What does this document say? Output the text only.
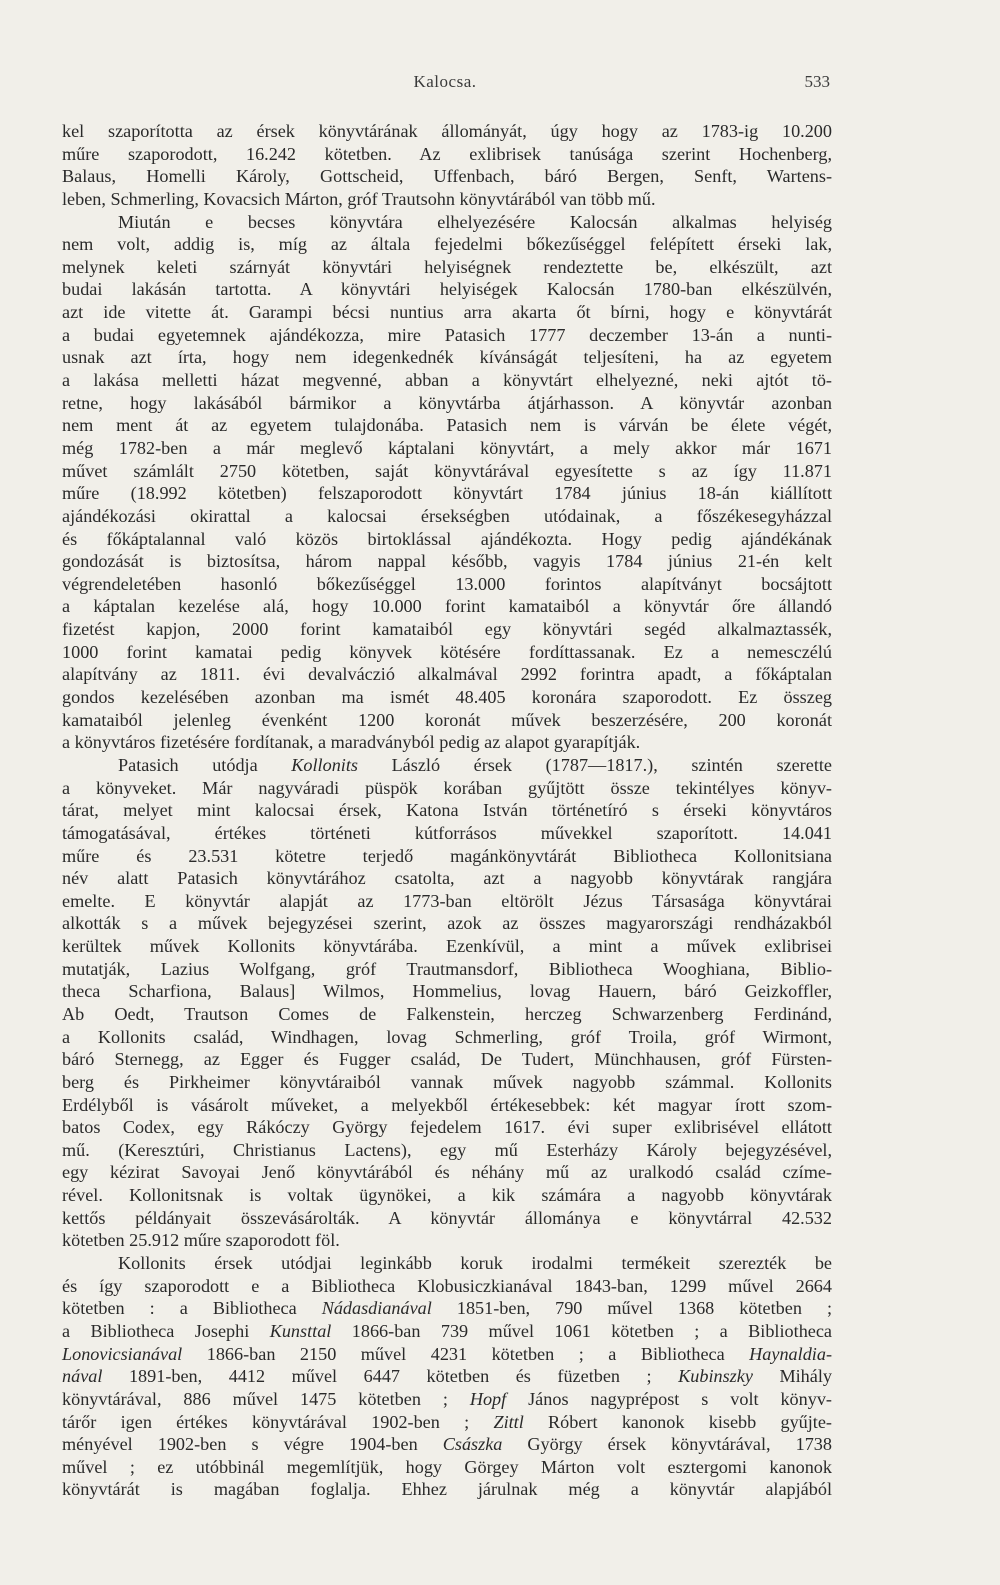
Kalocsa.	533
kel szaporította az érsek könyvtárának állományát, úgy hogy az 1783-ig 10.200
műre szaporodott, 16.242 kötetben. Az exlibrisek tanúsága szerint Hochenberg,
Balaus, Homelli Károly, Gottscheid, Uffenbach, báró Bergen, Senft, Wartens-
leben, Schmerling, Kovacsich Márton, gróf Trautsohn könyvtárából van több mű.
Miután e becses könyvtára elhelyezésére Kalocsán alkalmas helyiség
nem volt, addig is, míg az általa fejedelmi bőkezűséggel felépített érseki lak,
melynek keleti szárnyát könyvtári helyiségnek rendeztette be, elkészült, azt
budai lakásán tartotta. A könyvtári helyiségek Kalocsán 1780-ban elkészülvén,
azt ide vitette át. Garampi bécsi nuntius arra akarta őt bírni, hogy e könyvtárát
a budai egyetemnek ajándékozza, mire Patasich 1777 deczember 13-án a nunti-
usnak azt írta, hogy nem idegenkednék kívánságát teljesíteni, ha az egyetem
a lakása melletti házat megvenné, abban a könyvtárt elhelyezné, neki ajtót tö-
retne, hogy lakásából bármikor a könyvtárba átjárhasson. A könyvtár azonban
nem ment át az egyetem tulajdonába. Patasich nem is várván be élete végét,
még 1782-ben a már meglevő káptalani könyvtárt, a mely akkor már 1671
művet számlált 2750 kötetben, saját könyvtárával egyesítette s az így 11.871
műre (18.992 kötetben) felszaporodott könyvtárt 1784 június 18-án kiállított
ajándékozási okirattal a kalocsai érsekségben utódainak, a főszékesegyházzal
és főkáptalannal való közös birtoklással ajándékozta. Hogy pedig ajándékának
gondozását is biztosítsa, három nappal később, vagyis 1784 június 21-én kelt
végrendeletében hasonló bőkezűséggel 13.000 forintos alapítványt bocsájtott
a káptalan kezelése alá, hogy 10.000 forint kamataiból a könyvtár őre állandó
fizetést kapjon, 2000 forint kamataiból egy könyvtári segéd alkalmaztassék,
1000 forint kamatai pedig könyvek kötésére fordíttassanak. Ez a nemesczélú
alapítvány az 1811. évi devalváczió alkalmával 2992 forintra apadt, a főkáptalan
gondos kezelésében azonban ma ismét 48.405 koronára szaporodott. Ez összeg
kamataiból jelenleg évenként 1200 koronát művek beszerzésére, 200 koronát
a könyvtáros fizetésére fordítanak, a maradványból pedig az alapot gyarapítják.
Patasich utódja Kollonits László érsek (1787—1817.), szintén szerette
a könyveket. Már nagyváradi püspök korában gyűjtött össze tekintélyes könyv-
tárat, melyet mint kalocsai érsek, Katona István történetíró s érseki könyvtáros
támogatásával, értékes történeti kútforrásos művekkel szaporított. 14.041
műre és 23.531 kötetre terjedő magánkönyvtárát Bibliotheca Kollonitsiana
név alatt Patasich könyvtárához csatolta, azt a nagyobb könyvtárak rangjára
emelte. E könyvtár alapját az 1773-ban eltörölt Jézus Társasága könyvtárai
alkották s a művek bejegyzései szerint, azok az összes magyarországi rendházakból
kerültek művek Kollonits könyvtárába. Ezenkívül, a mint a művek exlibrisei
mutatják, Lazius Wolfgang, gróf Trautmansdorf, Bibliotheca Wooghiana, Biblio-
theca Scharfiona, Balaus] Wilmos, Hommelius, lovag Hauern, báró Geizkoffler,
Ab Oedt, Trautson Comes de Falkenstein, herczeg Schwarzenberg Ferdinánd,
a Kollonits család, Windhagen, lovag Schmerling, gróf Troila, gróf Wirmont,
báró Sternegg, az Egger és Fugger család, De Tudert, Münchhausen, gróf Fürsten-
berg és Pirkheimer könyvtáraiból vannak művek nagyobb számmal. Kollonits
Erdélyből is vásárolt műveket, a melyekből értékesebbek: két magyar írott szom-
batos Codex, egy Rákóczy György fejedelem 1617. évi super exlibrisével ellátott
mű. (Keresztúri, Christianus Lactens), egy mű Esterházy Károly bejegyzésével,
egy kézirat Savoyai Jenő könyvtárából és néhány mű az uralkodó család czíme-
rével. Kollonitsnak is voltak ügynökei, a kik számára a nagyobb könyvtárak
kettős példányait összevásárolták. A könyvtár állománya e könyvtárral 42.532
kötetben 25.912 műre szaporodott föl.
Kollonits érsek utódjai leginkább koruk irodalmi termékeit szerezték be
és így szaporodott e a Bibliotheca Klobusiczkianával 1843-ban, 1299 művel 2664
kötetben : a Bibliotheca Nádasdianával 1851-ben, 790 művel 1368 kötetben ;
a Bibliotheca Josephi Kunsttal 1866-ban 739 művel 1061 kötetben ; a Bibliotheca
Lonovicsianával 1866-ban 2150 művel 4231 kötetben ; a Bibliotheca Haynaldia-
nával 1891-ben, 4412 művel 6447 kötetben és füzetben ; Kubinszky Mihály
könyvtárával, 886 művel 1475 kötetben ; Hopf János nagyprépost s volt könyv-
tárőr igen értékes könyvtárával 1902-ben ; Zittl Róbert kanonok kisebb gyűjte-
ményével 1902-ben s végre 1904-ben Császka György érsek könyvtárával, 1738
művel ; ez utóbbinál megemlítjük, hogy Görgey Márton volt esztergomi kanonok
könyvtárát is magában foglalja. Ehhez járulnak még a könyvtár alapjából
